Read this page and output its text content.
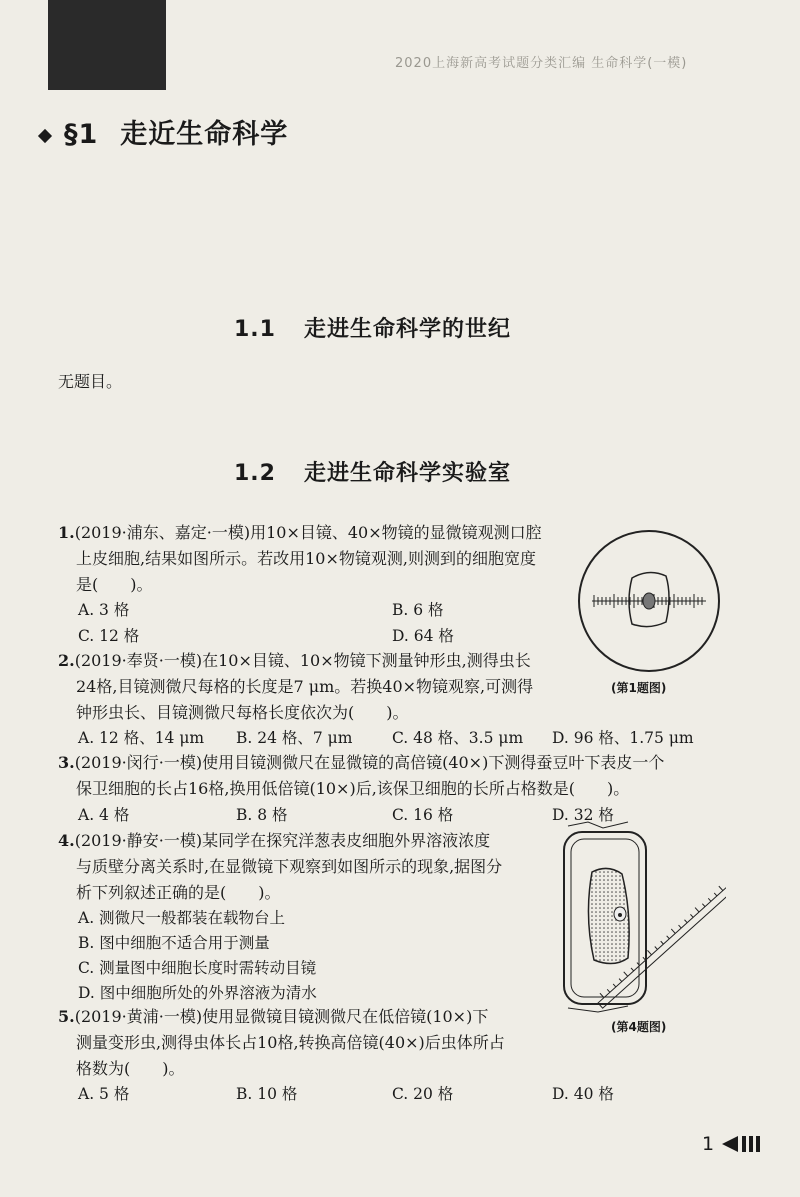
2020上海新高考试题分类汇编 生命科学(一模)
§1 走近生命科学
1.1 走进生命科学的世纪
无题目。
1.2 走进生命科学实验室
1.(2019·浦东、嘉定·一模)用10×目镜、40×物镜的显微镜观测口腔
上皮细胞,结果如图所示。若改用10×物镜观测,则测到的细胞宽度
是(　　)。
A. 3 格	B. 6 格
C. 12 格	D. 64 格
(第1题图)
2.(2019·奉贤·一模)在10×目镜、10×物镜下测量钟形虫,测得虫长
24格,目镜测微尺每格的长度是7 μm。若换40×物镜观察,可测得
钟形虫长、目镜测微尺每格长度依次为(　　)。
A. 12 格、14 μm B. 24 格、7 μm	C. 48 格、3.5 μm D. 96 格、1.75 μm
3.(2019·闵行·一模)使用目镜测微尺在显微镜的高倍镜(40×)下测得蚕豆叶下表皮一个
保卫细胞的长占16格,换用低倍镜(10×)后,该保卫细胞的长所占格数是(　　)。
A. 4 格	B. 8 格	C. 16 格	D. 32 格
4.(2019·静安·一模)某同学在探究洋葱表皮细胞外界溶液浓度
与质壁分离关系时,在显微镜下观察到如图所示的现象,据图分
析下列叙述正确的是(　　)。
A. 测微尺一般都装在载物台上
B. 图中细胞不适合用于测量
C. 测量图中细胞长度时需转动目镜
D. 图中细胞所处的外界溶液为清水
(第4题图)
5.(2019·黄浦·一模)使用显微镜目镜测微尺在低倍镜(10×)下
测量变形虫,测得虫体长占10格,转换高倍镜(40×)后虫体所占
格数为(　　)。
A. 5 格	B. 10 格	C. 20 格	D. 40 格
1
